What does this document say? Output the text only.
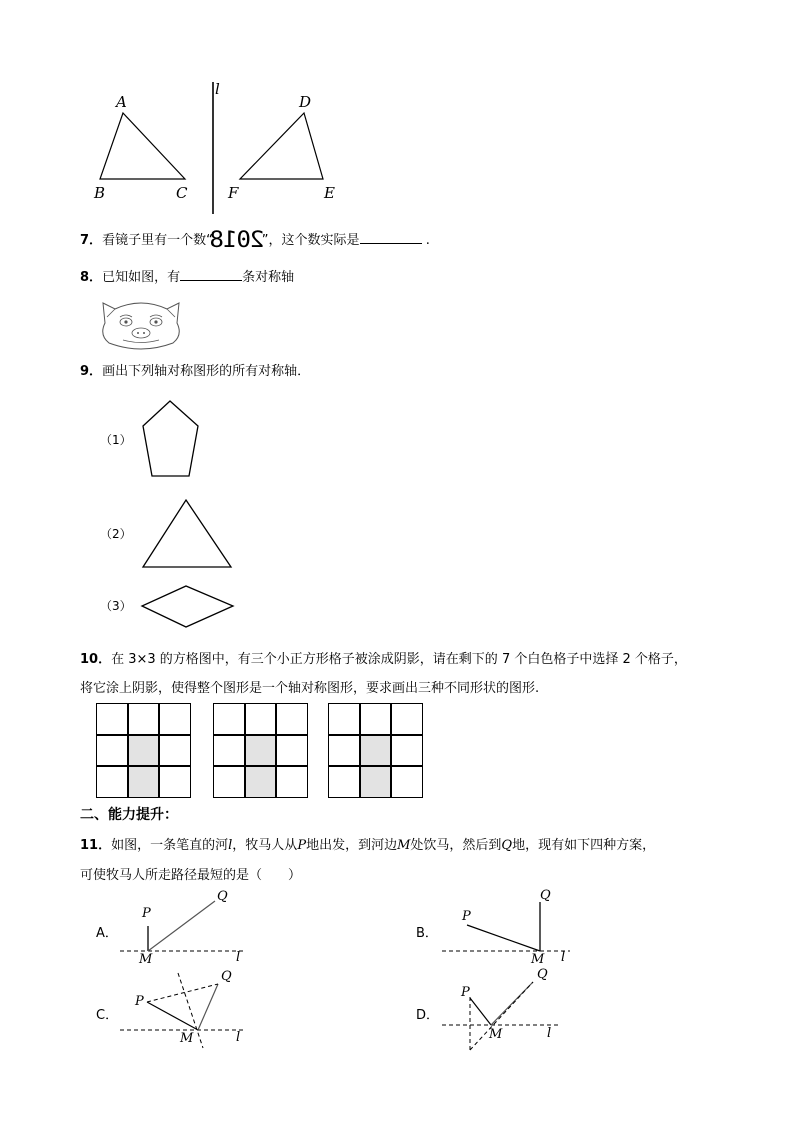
l
A
B	C
D
F	E
7．看镜子里有一个数“2018”，这个数实际是	.
8．已知如图，有	条对称轴
9．画出下列轴对称图形的所有对称轴．
（1）
（2）
（3）
10．在 3×3 的方格图中，有三个小正方形格子被涂成阴影，请在剩下的 7 个白色格子中选择 2 个格子，
将它涂上阴影，使得整个图形是一个轴对称图形，要求画出三种不同形状的图形.
二、能力提升：
11．如图，一条笔直的河l，牧马人从P地出发，到河边M处饮马，然后到Q地，现有如下四种方案，
可使牧马人所走路径最短的是（　　）
A．
P
Q
M	l
B．
P
Q
M l
C．
P
Q
M	l
D．
P
Q
M	l
